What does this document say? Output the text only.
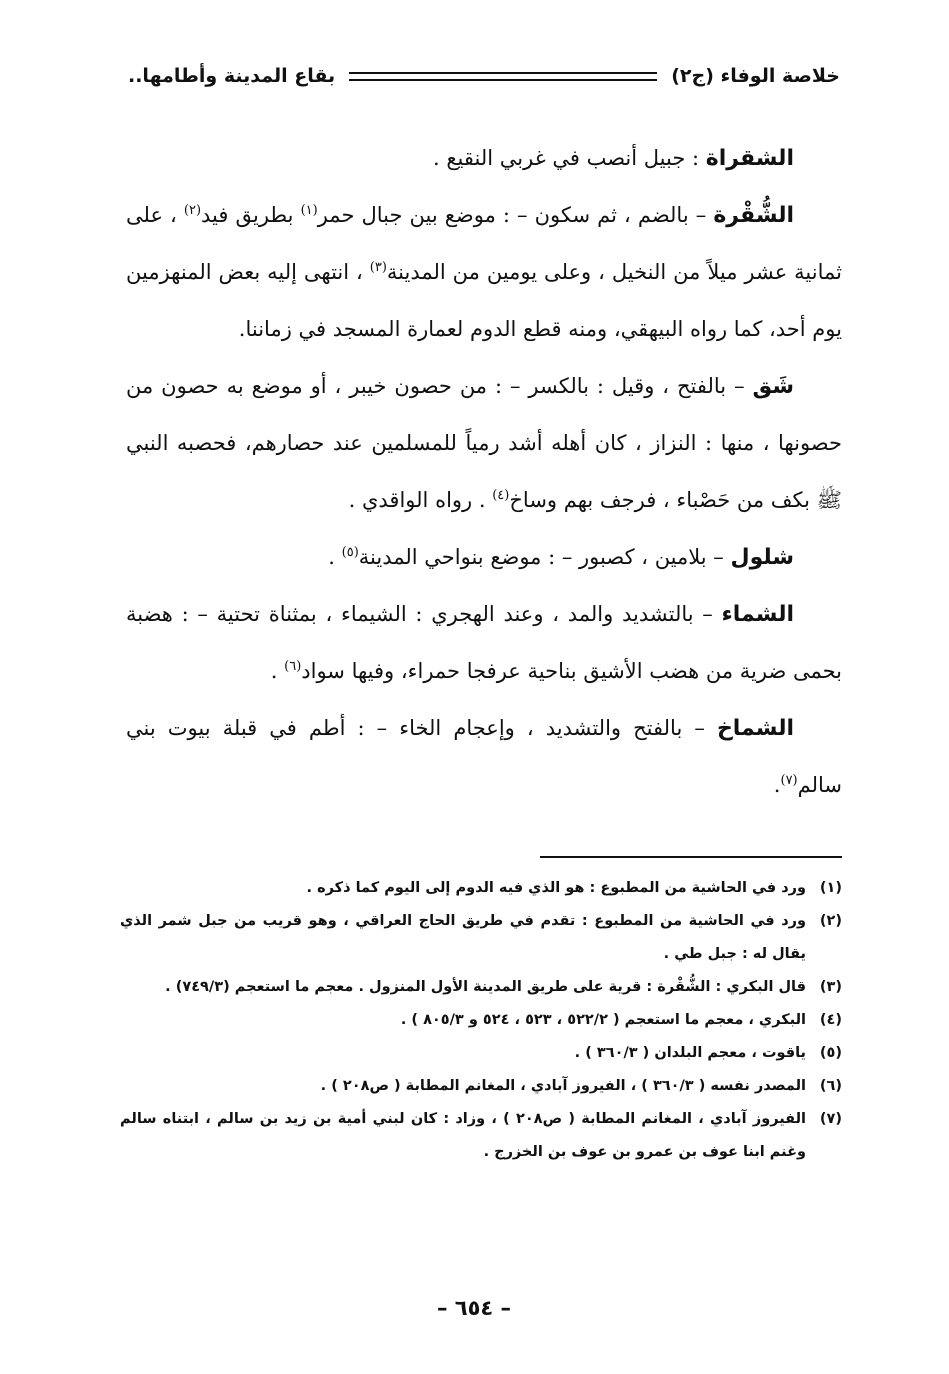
خلاصة الوفاء (ج٢)
بقاع المدينة وأطامها..

الشقراة : جبيل أنصب في غربي النقيع .

الشُّقْرة – بالضم ، ثم سكون – : موضع بين جبال حمر$^{(١)}$ بطريق فيد$^{(٢)}$ ، على ثمانية عشر ميلاً من النخيل ، وعلى يومين من المدينة$^{(٣)}$ ، انتهى إليه بعض المنهزمين يوم أحد، كما رواه البيهقي، ومنه قطع الدوم لعمارة المسجد في زماننا.

شَق – بالفتح ، وقيل : بالكسر – : من حصون خيبر ، أو موضع به حصون من حصونها ، منها : النزاز ، كان أهله أشد رمياً للمسلمين عند حصارهم، فحصبه النبي ﷺ بكف من حَصْباء ، فرجف بهم وساخ$^{(٤)}$ . رواه الواقدي .

شلول – بلامين ، كصبور – : موضع بنواحي المدينة$^{(٥)}$ .

الشماء – بالتشديد والمد ، وعند الهجري : الشيماء ، بمثناة تحتية – : هضبة بحمى ضرية من هضب الأشيق بناحية عرفجا حمراء، وفيها سواد$^{(٦)}$ .

الشماخ – بالفتح والتشديد ، وإعجام الخاء – : أطم في قبلة بيوت بني سالم$^{(٧)}$.

(١)
ورد في الحاشية من المطبوع : هو الذي فيه الدوم إلى اليوم كما ذكره .

(٢)
ورد في الحاشية من المطبوع : تقدم في طريق الحاج العراقي ، وهو قريب من جبل شمر الذي يقال له : جبل طي .

(٣)
قال البكري : الشُّقْرة : قرية على طريق المدينة الأول المنزول . معجم ما استعجم (٧٤٩/٣) .

(٤)
البكري ، معجم ما استعجم ( ٥٢٢/٢ ، ٥٢٣ ، ٥٢٤ و ٨٠٥/٣ ) .

(٥)
ياقوت ، معجم البلدان ( ٣٦٠/٣ ) .

(٦)
المصدر نفسه ( ٣٦٠/٣ ) ، الفيروز آبادي ، المغانم المطابة ( ص٢٠٨ ) .

(٧)
الفيروز آبادي ، المغانم المطابة ( ص٢٠٨ ) ، وزاد : كان لبني أمية بن زيد بن سالم ، ابتناه سالم وغنم ابنا عوف بن عمرو بن عوف بن الخزرج .

– ٦٥٤ –
